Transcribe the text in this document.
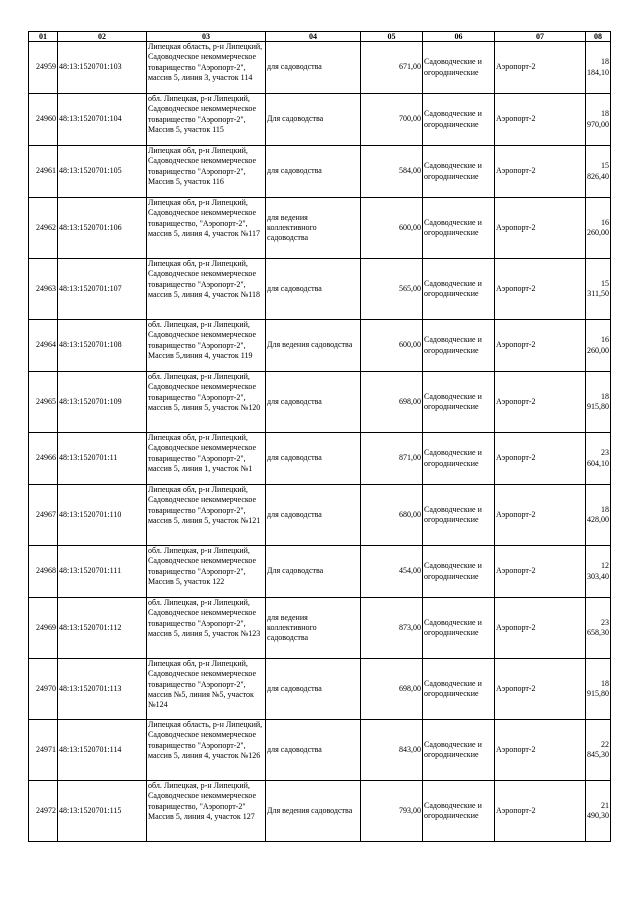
01	02	03	04	05	06	07	08
24959	48:13:1520701:103	Липецкая область, р-н Липецкий, Садоводческое некоммерческое товарищество "Аэропорт-2", массив 5, линия 3, участок 114	для садоводства	671,00	Садоводческие и огороднические	Аэропорт-2	18 184,10
24960	48:13:1520701:104	обл. Липецкая, р-н Липецкий, Садоводческое некоммерческое товарищество "Аэропорт-2", Массив 5, участок 115	Для садоводства	700,00	Садоводческие и огороднические	Аэропорт-2	18 970,00
24961	48:13:1520701:105	Липецкая обл, р-н Липецкий, Садоводческое некоммерческое товарищество "Аэропорт-2", Массив 5, участок 116	для садоводства	584,00	Садоводческие и огороднические	Аэропорт-2	15 826,40
24962	48:13:1520701:106	Липецкая обл, р-н Липецкий, Садоводческое некоммерческое товарищество, "Аэропорт-2", массив 5, линия 4, участок №117	для ведения коллективного садоводства	600,00	Садоводческие и огороднические	Аэропорт-2	16 260,00
24963	48:13:1520701:107	Липецкая обл, р-н Липецкий, Садоводческое некоммерческое товарищество "Аэропорт-2", массив 5, линия 4, участок №118	для садоводства	565,00	Садоводческие и огороднические	Аэропорт-2	15 311,50
24964	48:13:1520701:108	обл. Липецкая, р-н Липецкий, Садоводческое некоммерческое товарищество "Аэропорт-2", Массив 5,линия 4, участок 119	Для ведения садоводства	600,00	Садоводческие и огороднические	Аэропорт-2	16 260,00
24965	48:13:1520701:109	обл. Липецкая, р-н Липецкий, Садоводческое некоммерческое товарищество "Аэропорт-2", массив 5, линия 5, участок №120	для садоводства	698,00	Садоводческие и огороднические	Аэропорт-2	18 915,80
24966	48:13:1520701:11	Липецкая обл, р-н Липецкий, Садоводческое некоммерческое товарищество "Аэропорт-2", массив 5, линия 1, участок №1	для садоводства	871,00	Садоводческие и огороднические	Аэропорт-2	23 604,10
24967	48:13:1520701:110	Липецкая обл, р-н Липецкий, Садоводческое некоммерческое товарищество "Аэропорт-2", массив 5, линия 5, участок №121	для садоводства	680,00	Садоводческие и огороднические	Аэропорт-2	18 428,00
24968	48:13:1520701:111	обл. Липецкая, р-н Липецкий, Садоводческое некоммерческое товарищество "Аэропорт-2", Массив 5, участок 122	Для садоводства	454,00	Садоводческие и огороднические	Аэропорт-2	12 303,40
24969	48:13:1520701:112	обл. Липецкая, р-н Липецкий, Садоводческое некоммерческое товарищество "Аэропорт-2", массив 5, линия 5, участок №123	для ведения коллективного садоводства	873,00	Садоводческие и огороднические	Аэропорт-2	23 658,30
24970	48:13:1520701:113	Липецкая обл, р-н Липецкий, Садоводческое некоммерческое товарищество "Аэропорт-2", массив №5, линия №5, участок №124	для садоводства	698,00	Садоводческие и огороднические	Аэропорт-2	18 915,80
24971	48:13:1520701:114	Липецкая область, р-н Липецкий, Садоводческое некоммерческое товарищество "Аэропорт-2", массив 5, линия 4, участок №126	для садоводства	843,00	Садоводческие и огороднические	Аэропорт-2	22 845,30
24972	48:13:1520701:115	обл. Липецкая, р-н Липецкий, Садоводческое некоммерческое товарищество, "Аэропорт-2" Массив 5, линия 4, участок 127	Для ведения садоводства	793,00	Садоводческие и огороднические	Аэропорт-2	21 490,30
